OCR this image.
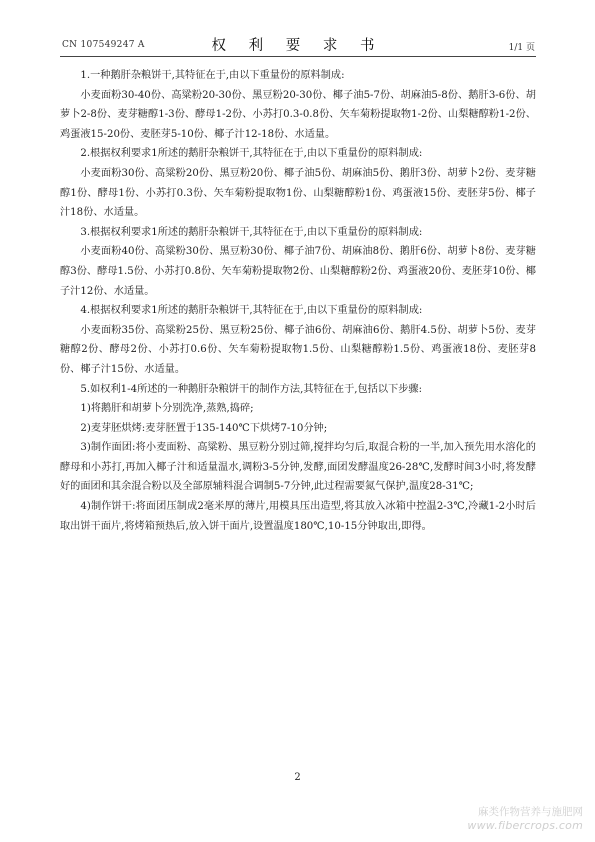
CN 107549247 A	权 利 要 求 书	1/1 页

1.一种鹅肝杂粮饼干,其特征在于,由以下重量份的原料制成:

小麦面粉30-40份、高粱粉20-30份、黑豆粉20-30份、椰子油5-7份、胡麻油5-8份、鹅肝3-6份、胡萝卜2-8份、麦芽糖醇1-3份、酵母1-2份、小苏打0.3-0.8份、矢车菊粉提取物1-2份、山梨糖醇粉1-2份、鸡蛋液15-20份、麦胚芽5-10份、椰子汁12-18份、水适量。

2.根据权利要求1所述的鹅肝杂粮饼干,其特征在于,由以下重量份的原料制成:

小麦面粉30份、高粱粉20份、黑豆粉20份、椰子油5份、胡麻油5份、鹅肝3份、胡萝卜2份、麦芽糖醇1份、酵母1份、小苏打0.3份、矢车菊粉提取物1份、山梨糖醇粉1份、鸡蛋液15份、麦胚芽5份、椰子汁18份、水适量。

3.根据权利要求1所述的鹅肝杂粮饼干,其特征在于,由以下重量份的原料制成:

小麦面粉40份、高粱粉30份、黑豆粉30份、椰子油7份、胡麻油8份、鹅肝6份、胡萝卜8份、麦芽糖醇3份、酵母1.5份、小苏打0.8份、矢车菊粉提取物2份、山梨糖醇粉2份、鸡蛋液20份、麦胚芽10份、椰子汁12份、水适量。

4.根据权利要求1所述的鹅肝杂粮饼干,其特征在于,由以下重量份的原料制成:

小麦面粉35份、高粱粉25份、黑豆粉25份、椰子油6份、胡麻油6份、鹅肝4.5份、胡萝卜5份、麦芽糖醇2份、酵母2份、小苏打0.6份、矢车菊粉提取物1.5份、山梨糖醇粉1.5份、鸡蛋液18份、麦胚芽8份、椰子汁15份、水适量。

5.如权利1-4所述的一种鹅肝杂粮饼干的制作方法,其特征在于,包括以下步骤:

1)将鹅肝和胡萝卜分别洗净,蒸熟,捣碎;

2)麦芽胚烘烤:麦芽胚置于135-140℃下烘烤7-10分钟;

3)制作面团:将小麦面粉、高粱粉、黑豆粉分别过筛,搅拌均匀后,取混合粉的一半,加入预先用水溶化的酵母和小苏打,再加入椰子汁和适量温水,调粉3-5分钟,发酵,面团发酵温度26-28℃,发酵时间3小时,将发酵好的面团和其余混合粉以及全部原辅料混合调制5-7分钟,此过程需要氮气保护,温度28-31℃;

4)制作饼干:将面团压制成2毫米厚的薄片,用模具压出造型,将其放入冰箱中控温2-3℃,冷藏1-2小时后取出饼干面片,将烤箱预热后,放入饼干面片,设置温度180℃,10-15分钟取出,即得。

2
麻类作物营养与施肥网
www.fibercrops.com
